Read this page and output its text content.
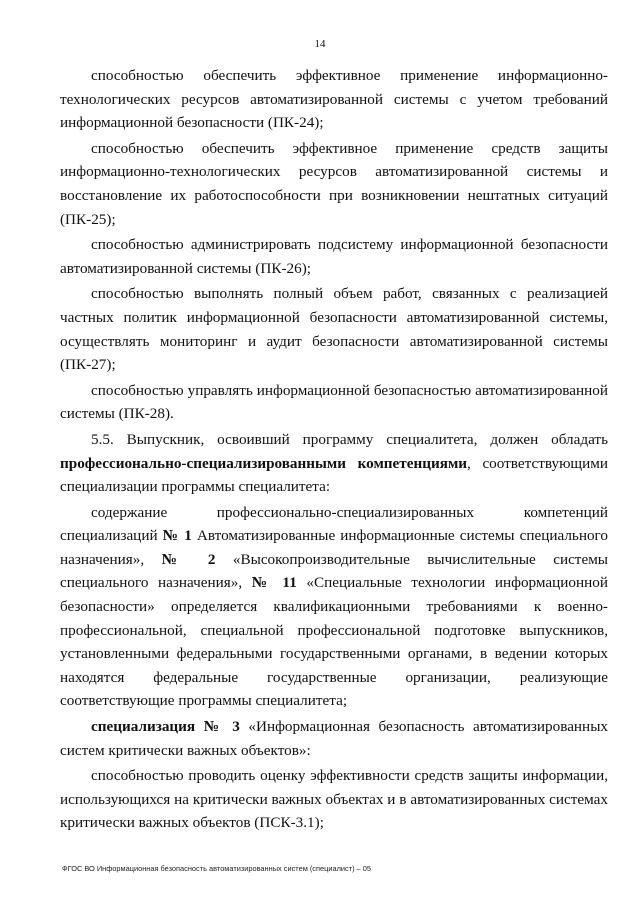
14

способностью обеспечить эффективное применение информационно-технологических ресурсов автоматизированной системы с учетом требований информационной безопасности (ПК-24);

способностью обеспечить эффективное применение средств защиты информационно-технологических ресурсов автоматизированной системы и восстановление их работоспособности при возникновении нештатных ситуаций (ПК-25);

способностью администрировать подсистему информационной безопасности автоматизированной системы (ПК-26);

способностью выполнять полный объем работ, связанных с реализацией частных политик информационной безопасности автоматизированной системы, осуществлять мониторинг и аудит безопасности автоматизированной системы (ПК-27);

способностью управлять информационной безопасностью автоматизированной системы (ПК-28).

5.5. Выпускник, освоивший программу специалитета, должен обладать профессионально-специализированными компетенциями, соответствующими специализации программы специалитета:

содержание профессионально-специализированных компетенций специализаций № 1 Автоматизированные информационные системы специального назначения», № 2 «Высокопроизводительные вычислительные системы специального назначения», № 11 «Специальные технологии информационной безопасности» определяется квалификационными требованиями к военно-профессиональной, специальной профессиональной подготовке выпускников, установленными федеральными государственными органами, в ведении которых находятся федеральные государственные организации, реализующие соответствующие программы специалитета;

специализация № 3 «Информационная безопасность автоматизированных систем критически важных объектов»:

способностью проводить оценку эффективности средств защиты информации, использующихся на критически важных объектах и в автоматизированных системах критически важных объектов (ПСК-3.1);

ФГОС ВО Информационная безопасность автоматизированных систем (специалист) – 05
